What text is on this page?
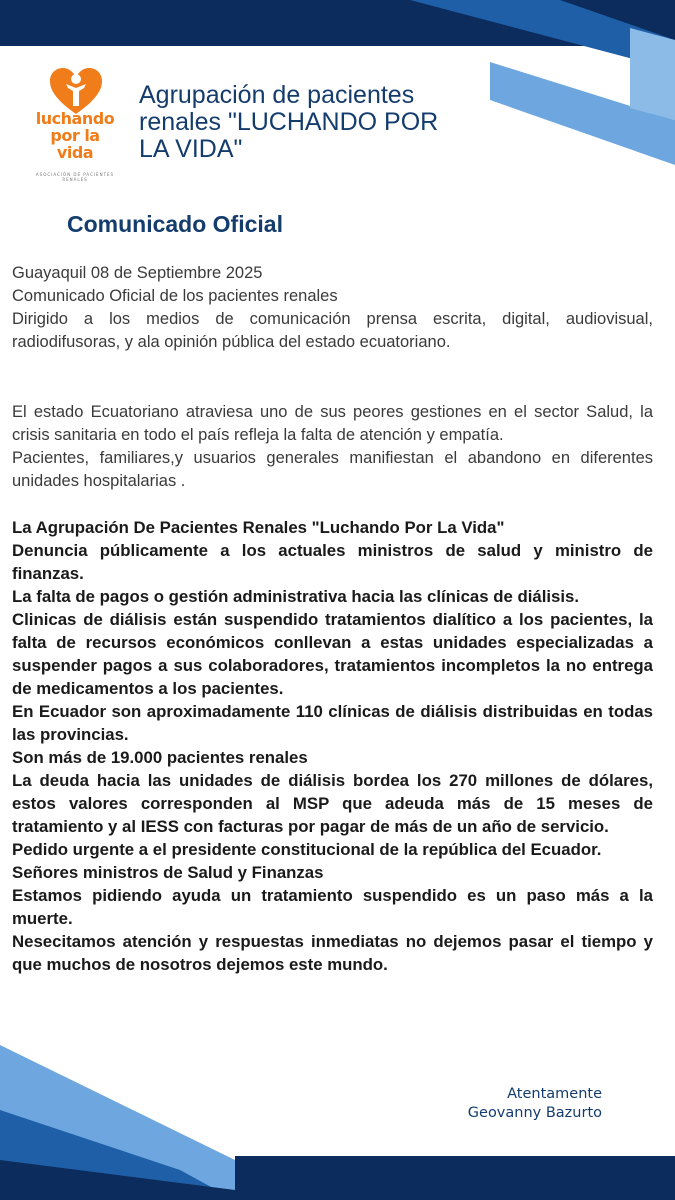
luchando
por la
vida
ASOCIACIÓN DE PACIENTES RENALES
Agrupación de pacientes renales "LUCHANDO POR LA VIDA"
Comunicado Oficial

Guayaquil 08 de Septiembre 2025

Comunicado Oficial de los pacientes renales

Dirigido a los medios de comunicación prensa escrita, digital, audiovisual, radiodifusoras, y ala opinión pública del estado ecuatoriano.

El estado Ecuatoriano atraviesa uno de sus peores gestiones en el sector Salud, la crisis sanitaria en todo el país refleja la falta de atención y empatía.

Pacientes, familiares,y usuarios generales manifiestan el abandono en diferentes unidades hospitalarias .

La Agrupación De Pacientes Renales "Luchando Por La Vida"

Denuncia públicamente a los actuales ministros de salud y ministro de finanzas.

La falta de pagos o gestión administrativa hacia las clínicas de diálisis.

Clinicas de diálisis están suspendido tratamientos dialítico a los pacientes, la falta de recursos económicos conllevan a estas unidades especializadas a suspender pagos a sus colaboradores, tratamientos incompletos la no entrega de medicamentos a los pacientes.

En Ecuador son aproximadamente 110 clínicas de diálisis distribuidas en todas las provincias.

Son más de 19.000 pacientes renales

La deuda hacia las unidades de diálisis bordea los 270 millones de dólares, estos valores corresponden al MSP que adeuda más de 15 meses de tratamiento y al IESS con facturas por pagar de más de un año de servicio.

Pedido urgente a el presidente constitucional de la república del Ecuador.

Señores ministros de Salud y Finanzas

Estamos pidiendo ayuda un tratamiento suspendido es un paso más a la muerte.

Nesecitamos atención y respuestas inmediatas no dejemos pasar el tiempo y que muchos de nosotros dejemos este mundo.

Atentamente
Geovanny Bazurto
